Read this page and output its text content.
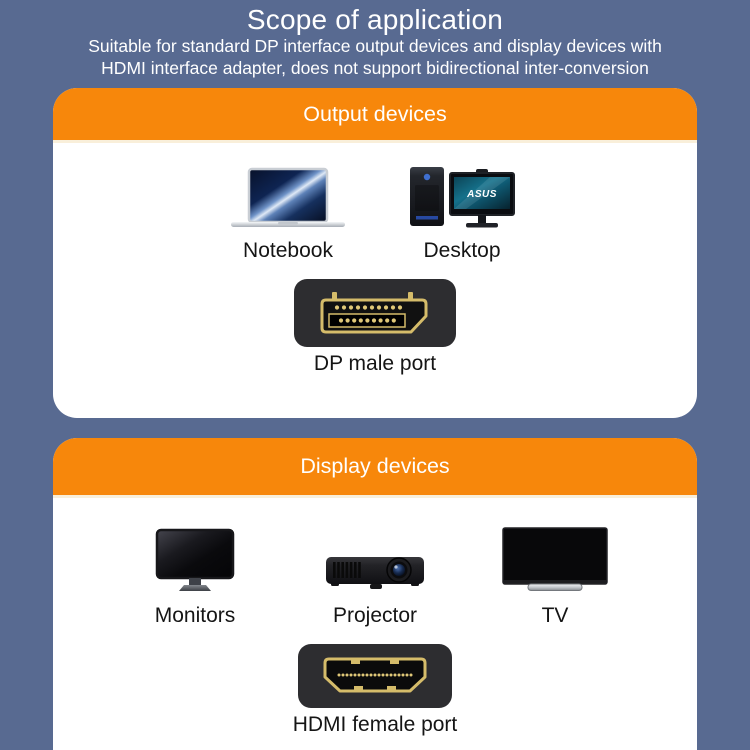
Scope of application
Suitable for standard DP interface output devices and display devices with
HDMI interface adapter, does not support bidirectional inter-conversion
Output devices
Notebook
ASUS
Desktop
DP male port
Display devices
Monitors	Projector	TV
HDMI female port
